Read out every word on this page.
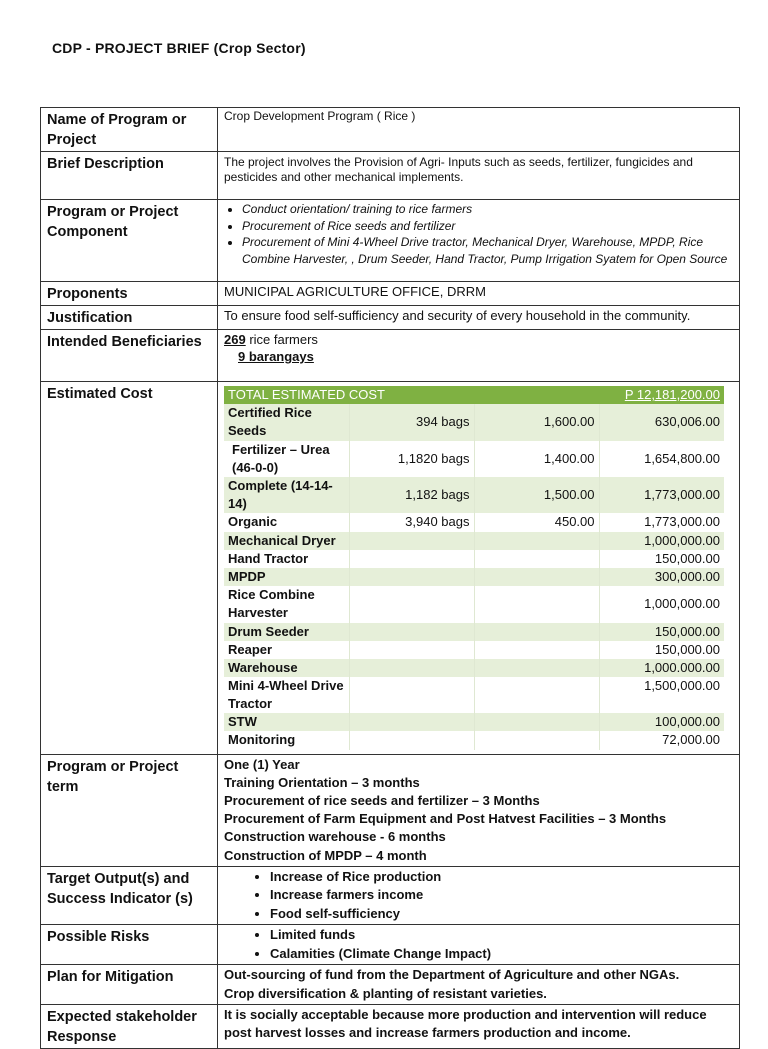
CDP - PROJECT BRIEF (Crop Sector)
Name of Program or Project	Crop Development Program ( Rice )
Brief Description	The project involves the Provision of Agri- Inputs such as seeds, fertilizer, fungicides and pesticides and other mechanical implements.
Program or Project Component	
• Conduct orientation/ training to rice farmers
• Procurement of Rice seeds and fertilizer
• Procurement of Mini 4-Wheel Drive tractor, Mechanical Dryer, Warehouse, MPDP, Rice Combine Harvester, , Drum Seeder, Hand Tractor, Pump Irrigation Syatem for Open Source

Proponents	MUNICIPAL AGRICULTURE OFFICE, DRRM
Justification	To ensure food self-sufficiency and security of every household in the community.
Intended Beneficiaries	269 rice farmers
9 barangays

Estimated Cost		TOTAL ESTIMATED COST	P 12,181,200.00
Certified Rice Seeds	394 bags	1,600.00	630,006.00
Fertilizer – Urea (46-0-0)	1,1820 bags	1,400.00	1,654,800.00
Complete (14-14-14)	1,182 bags	1,500.00	1,773,000.00
Organic	3,940 bags	450.00	1,773,000.00
Mechanical Dryer			1,000,000.00
Hand Tractor			150,000.00
MPDP			300,000.00
Rice Combine Harvester			1,000,000.00
Drum Seeder			150,000.00
Reaper			150,000.00
Warehouse			1,000.000.00
Mini 4-Wheel Drive Tractor			1,500,000.00
STW			100,000.00
Monitoring			72,000.00

Program or Project term	
One (1) Year
Training Orientation – 3 months
Procurement of rice seeds and fertilizer – 3 Months
Procurement of Farm Equipment and Post Hatvest Facilities – 3 Months
Construction warehouse - 6 months
Construction of MPDP – 4 month

Target Output(s) and Success Indicator (s)	
• Increase of Rice production
• Increase farmers income
• Food self-sufficiency

Possible Risks	
•Limited funds
• Calamities (Climate Change Impact)

Plan for Mitigation	Out-sourcing of fund from the Department of Agriculture and other NGAs.
Crop diversification & planting of resistant varieties.

Expected stakeholder Response	It is socially acceptable because more production and intervention will reduce post harvest losses and increase farmers production and income.
